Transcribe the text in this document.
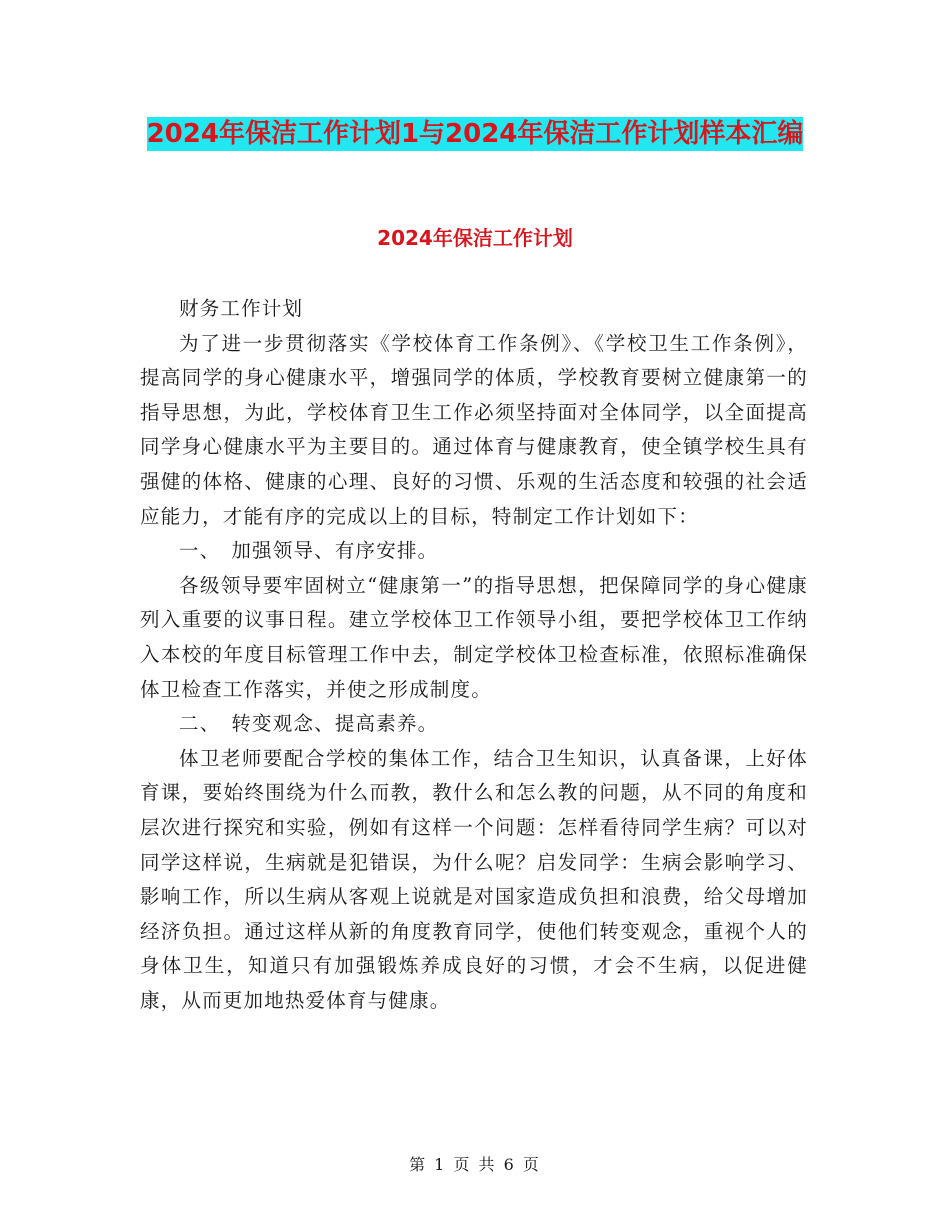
2024年保洁工作计划1与2024年保洁工作计划样本汇编
2024年保洁工作计划

财务工作计划

为了进一步贯彻落实《学校体育工作条例》、《学校卫生工作条例》，提高同学的身心健康水平，增强同学的体质，学校教育要树立健康第一的指导思想，为此，学校体育卫生工作必须坚持面对全体同学，以全面提高同学身心健康水平为主要目的。通过体育与健康教育，使全镇学校生具有强健的体格、健康的心理、良好的习惯、乐观的生活态度和较强的社会适应能力，才能有序的完成以上的目标，特制定工作计划如下：

一、　加强领导、有序安排。

各级领导要牢固树立“健康第一”的指导思想，把保障同学的身心健康列入重要的议事日程。建立学校体卫工作领导小组，要把学校体卫工作纳入本校的年度目标管理工作中去，制定学校体卫检查标准，依照标准确保体卫检查工作落实，并使之形成制度。

二、　转变观念、提高素养。

体卫老师要配合学校的集体工作，结合卫生知识，认真备课，上好体育课，要始终围绕为什么而教，教什么和怎么教的问题，从不同的角度和层次进行探究和实验，例如有这样一个问题：怎样看待同学生病？可以对同学这样说，生病就是犯错误，为什么呢？启发同学：生病会影响学习、影响工作，所以生病从客观上说就是对国家造成负担和浪费，给父母增加经济负担。通过这样从新的角度教育同学，使他们转变观念，重视个人的身体卫生，知道只有加强锻炼养成良好的习惯，才会不生病，以促进健康，从而更加地热爱体育与健康。

第 1 页 共 6 页
